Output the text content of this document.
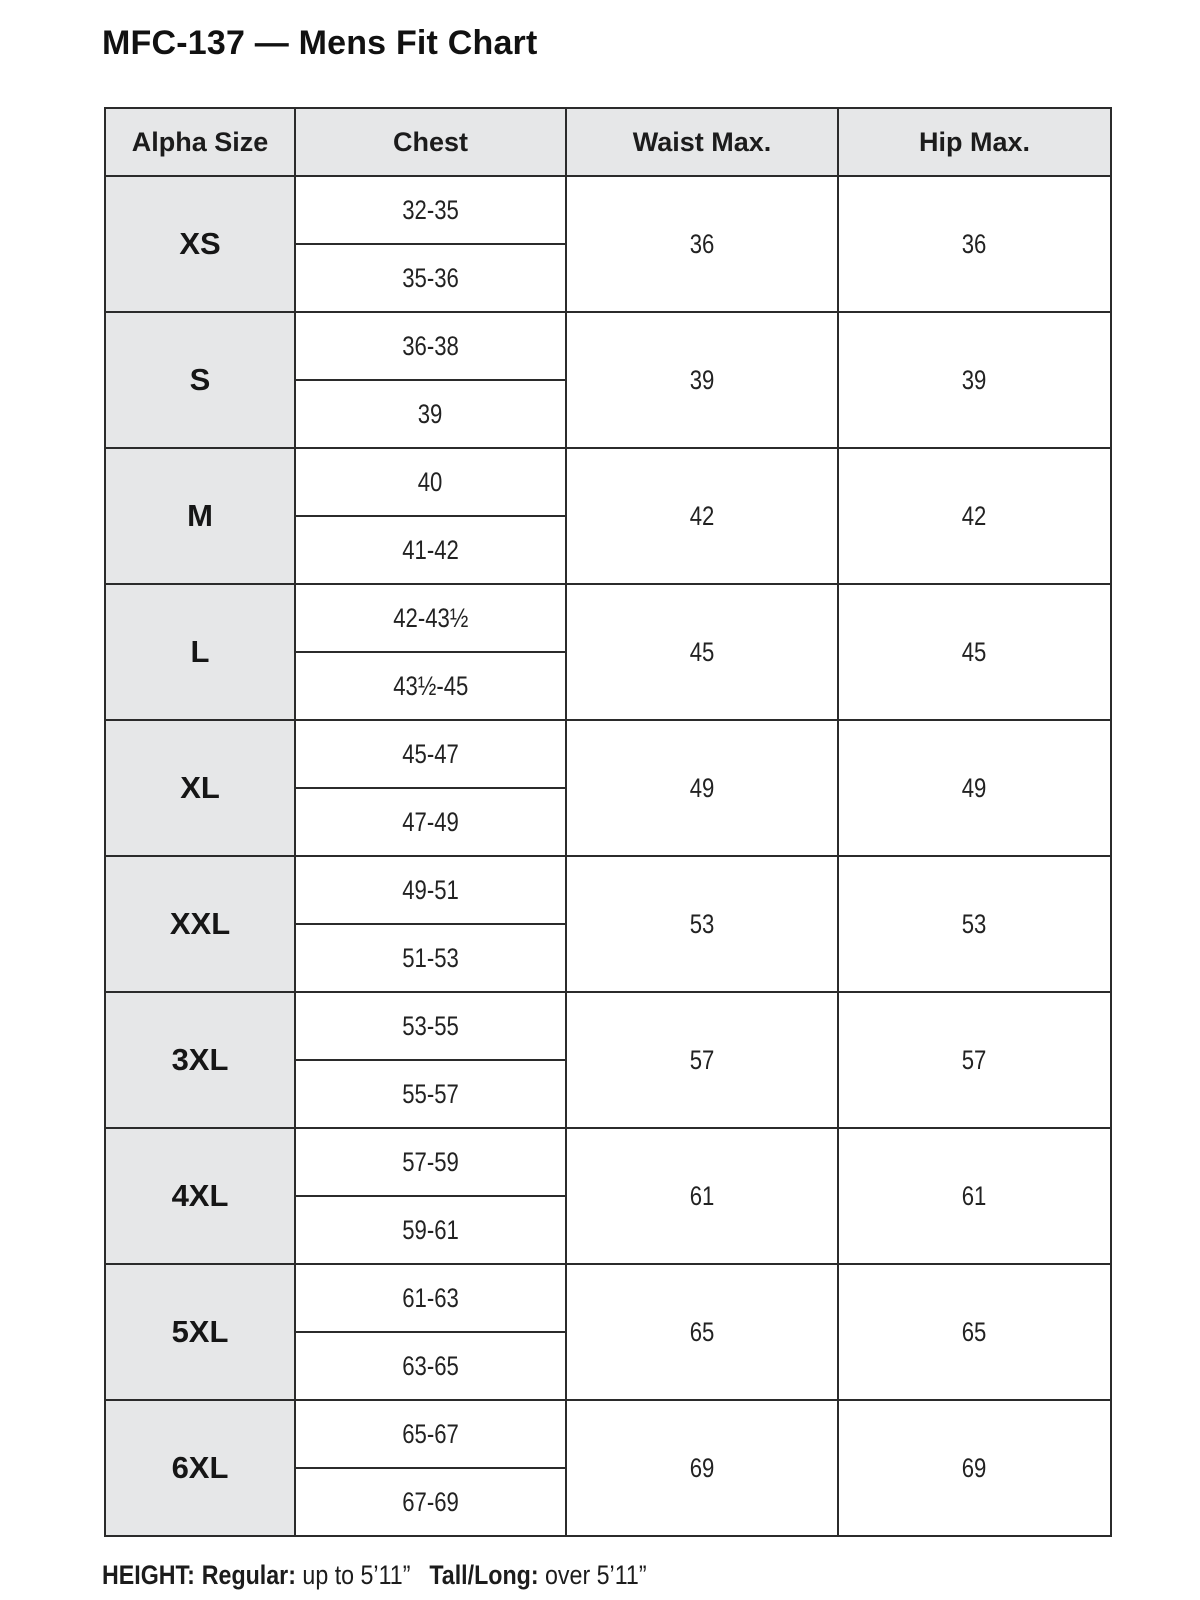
MFC-137 — Mens Fit Chart
Alpha Size	Chest	Waist Max.	Hip Max.
XS	32-35	36	36
	35-36		
S	36-38	39	39
	39		
M	40	42	42
	41-42		
L	42-43½	45	45
	43½-45		
XL	45-47	49	49
	47-49		
XXL	49-51	53	53
	51-53		
3XL	53-55	57	57
	55-57		
4XL	57-59	61	61
	59-61		
5XL	61-63	65	65
	63-65		
6XL	65-67	69	69
	67-69		
HEIGHT: Regular: up to 5’11” Tall/Long: over 5’11”
